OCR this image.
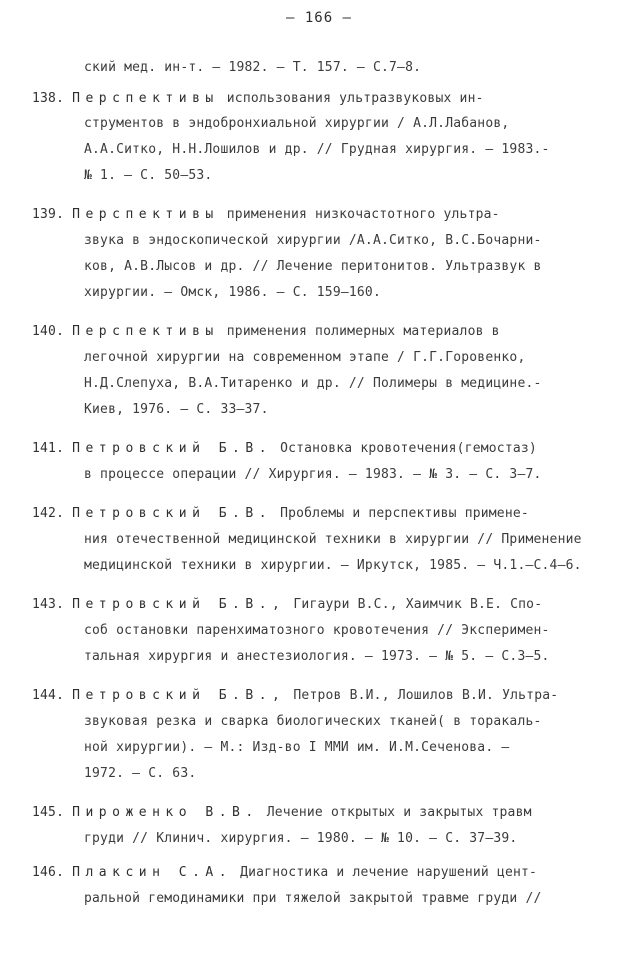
– 166 –
ский мед. ин-т. – 1982. – Т. 157. – С.7–8.
138. Перспективы использования ультразвуковых ин-
струментов в эндобронхиальной хирургии / А.Л.Лабанов,
А.А.Ситко, Н.Н.Лошилов и др. // Грудная хирургия. – 1983.-
№ 1. – С. 50–53.
139. Перспективы применения низкочастотного ультра-
звука в эндоскопической хирургии /А.А.Ситко, В.С.Бочарни-
ков, А.В.Лысов и др. // Лечение перитонитов. Ультразвук в
хирургии. – Омск, 1986. – С. 159–160.
140. Перспективы применения полимерных материалов в
легочной хирургии на современном этапе / Г.Г.Горовенко,
Н.Д.Слепуха, В.А.Титаренко и др. // Полимеры в медицине.-
Киев, 1976. – С. 33–37.
141. Петровский Б.В. Остановка кровотечения(гемостаз)
в процессе операции // Хирургия. – 1983. – № 3. – С. 3–7.
142. Петровский Б.В. Проблемы и перспективы примене-
ния отечественной медицинской техники в хирургии // Применение
медицинской техники в хирургии. – Иркутск, 1985. – Ч.1.–С.4–6.
143. Петровский Б.В., Гигаури В.С., Хаимчик В.Е. Спо-
соб остановки паренхиматозного кровотечения // Эксперимен-
тальная хирургия и анестезиология. – 1973. – № 5. – С.3–5.
144. Петровский Б.В., Петров В.И., Лошилов В.И. Ультра-
звуковая резка и сварка биологических тканей( в торакаль-
ной хирургии). – М.: Изд-во I ММИ им. И.М.Сеченова. –
1972. – С. 63.
145. Пироженко В.В. Лечение открытых и закрытых травм
груди // Клинич. хирургия. – 1980. – № 10. – С. 37–39.
146. Плаксин С.А. Диагностика и лечение нарушений цент-
ральной гемодинамики при тяжелой закрытой травме груди //
